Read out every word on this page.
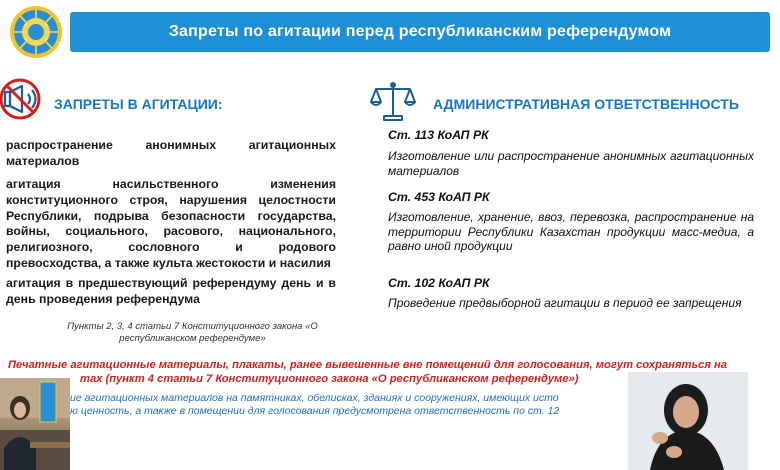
Запреты по агитации перед республиканским референдумом
ЗАПРЕТЫ В АГИТАЦИИ:
распространение анонимных агитационных материалов
агитация насильственного изменения конституционного строя, нарушения целостности Республики, подрыва безопасности государства, войны, социального, расового, национального, религиозного, сословного и родового превосходства, а также культа жестокости и насилия
агитация в предшествующий референдуму день и в день проведения референдума
Пункты 2, 3, 4 статьи 7 Конституционного закона «О республиканском референдуме»
АДМИНИСТРАТИВНАЯ ОТВЕТСТВЕННОСТЬ
Ст. 113 КоАП РК
Изготовление или распространение анонимных агитационных материалов
Ст. 453 КоАП РК
Изготовление, хранение, ввоз, перевозка, распространение на территории Республики Казахстан продукции масс-медиа, а равно иной продукции
Ст. 102 КоАП РК
Проведение предвыборной агитации в период ее запрещения
Печатные агитационные материалы, плакаты, ранее вывешенные вне помещений для голосования, могут сохраняться на
тах (пункт 4 статьи 7 Конституционного закона «О республиканском референдуме»)
ие агитационных материалов на памятниках, обелисках, зданиях и сооружениях, имеющих исто
ю ценность, а также в помещении для голосования предусмотрена ответственность по ст. 12
